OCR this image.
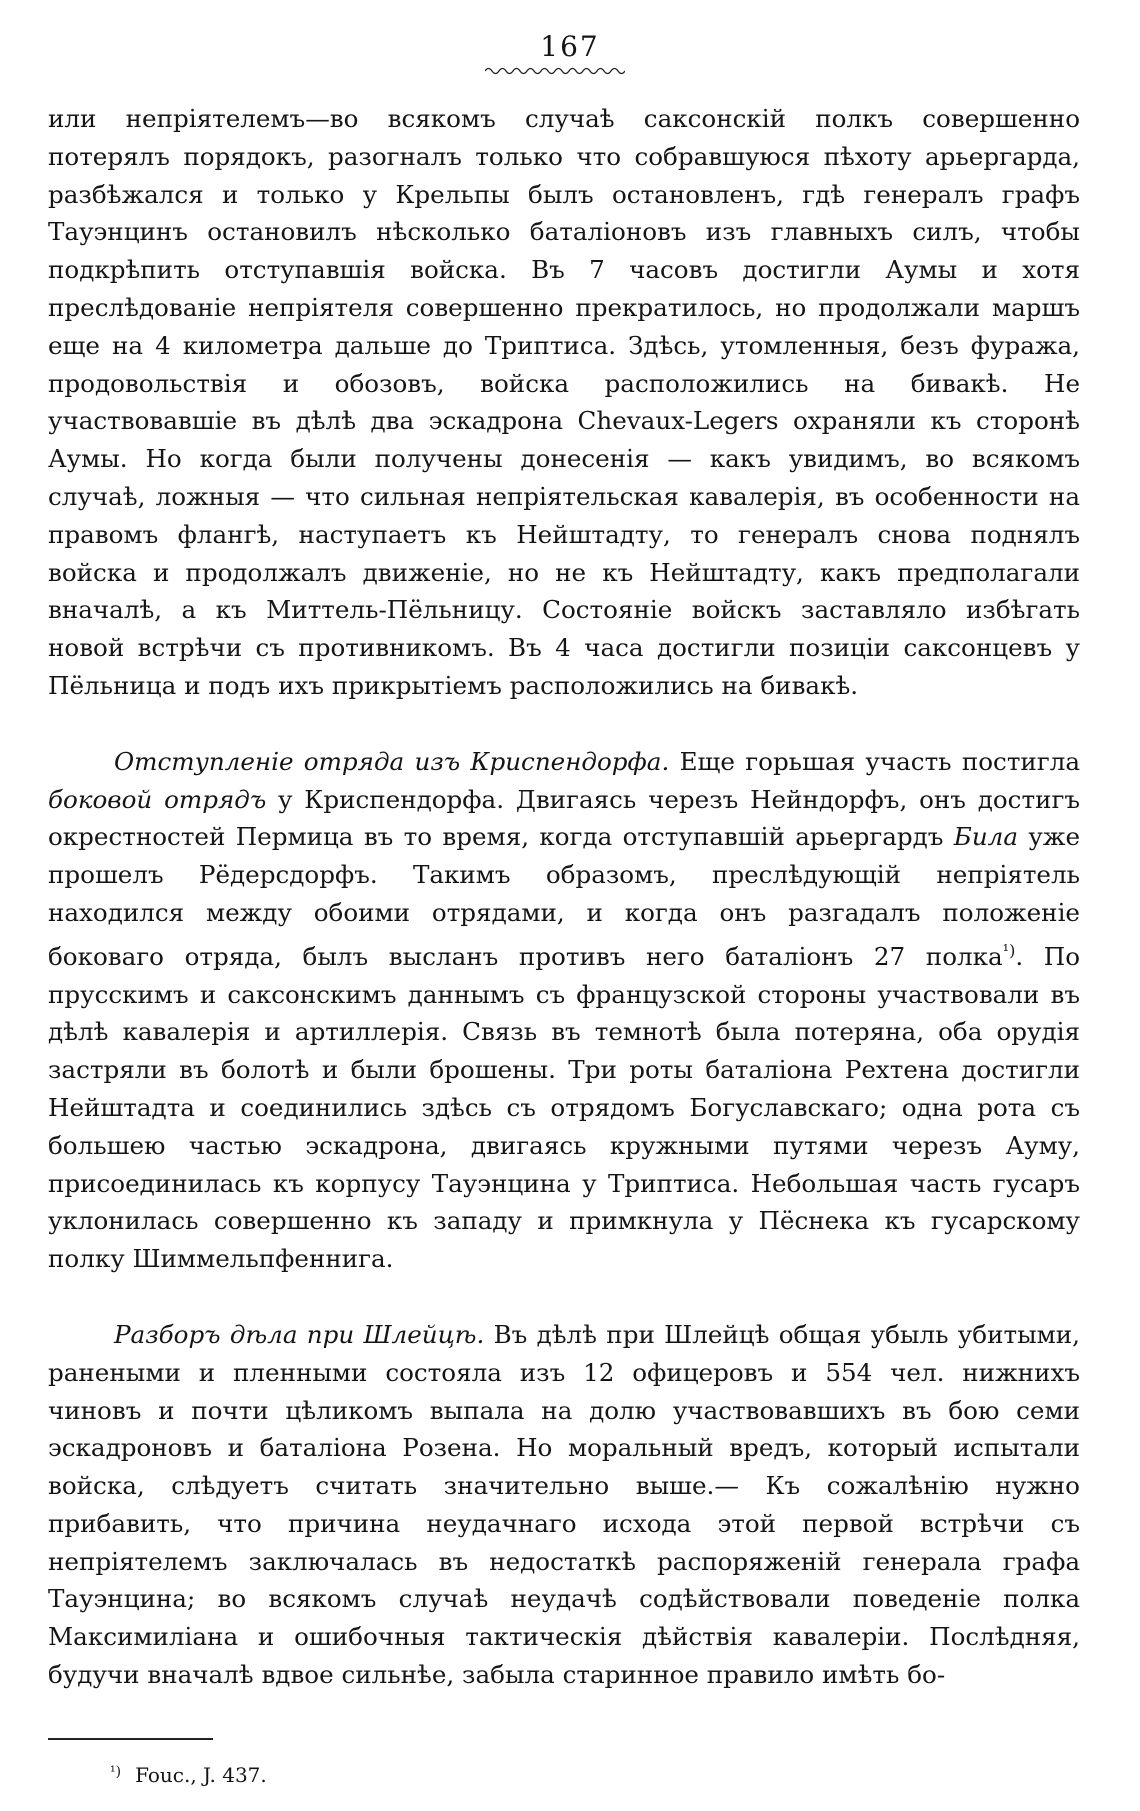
167

или непріятелемъ—во всякомъ случаѣ саксонскій полкъ совершенно потерялъ порядокъ, разогналъ только что собравшуюся пѣхоту арьергарда, разбѣжался и только у Крельпы былъ остановленъ, гдѣ генералъ графъ Тауэнцинъ остановилъ нѣсколько баталіоновъ изъ главныхъ силъ, чтобы подкрѣпить отступавшія войска. Въ 7 часовъ достигли Аумы и хотя преслѣдованіе непріятеля совершенно прекратилось, но продолжали маршъ еще на 4 километра дальше до Триптиса. Здѣсь, утомленныя, безъ фуража, продовольствія и обозовъ, войска расположились на бивакѣ. Не участвовавшіе въ дѣлѣ два эскадрона Chevaux-Legers охраняли къ сторонѣ Аумы. Но когда были получены донесенія — какъ увидимъ, во всякомъ случаѣ, ложныя — что сильная непріятельская кавалерія, въ особенности на правомъ флангѣ, наступаетъ къ Нейштадту, то генералъ снова поднялъ войска и продолжалъ движеніе, но не къ Нейштадту, какъ предполагали вначалѣ, а къ Миттель-Пёльницу. Состояніе войскъ заставляло избѣгать новой встрѣчи съ противникомъ. Въ 4 часа достигли позиціи саксонцевъ у Пёльница и подъ ихъ прикрытіемъ расположились на бивакѣ.

Отступленіе отряда изъ Криспендорфа. Еще горьшая участь постигла боковой отрядъ у Криспендорфа. Двигаясь черезъ Нейндорфъ, онъ достигъ окрестностей Пермица въ то время, когда отступавшій арьергардъ Била уже прошелъ Рёдерсдорфъ. Такимъ образомъ, преслѣдующій непріятель находился между обоими отрядами, и когда онъ разгадалъ положеніе боковаго отряда, былъ высланъ противъ него баталіонъ 27 полка$^{^1)}$. По прусскимъ и саксонскимъ даннымъ съ французской стороны участвовали въ дѣлѣ кавалерія и артиллерія. Связь въ темнотѣ была потеряна, оба орудія застряли въ болотѣ и были брошены. Три роты баталіона Рехтена достигли Нейштадта и соединились здѣсь съ отрядомъ Богуславскаго; одна рота съ большею частью эскадрона, двигаясь кружными путями черезъ Ауму, присоединилась къ корпусу Тауэнцина у Триптиса. Небольшая часть гусаръ уклонилась совершенно къ западу и примкнула у Пёснека къ гусарскому полку Шиммельпфеннига.

Разборъ дѣла при Шлейцѣ. Въ дѣлѣ при Шлейцѣ общая убыль убитыми, ранеными и пленными состояла изъ 12 офицеровъ и 554 чел. нижнихъ чиновъ и почти цѣликомъ выпала на долю участвовавшихъ въ бою семи эскадроновъ и баталіона Розена. Но моральный вредъ, который испытали войска, слѣдуетъ считать значительно выше.— Къ сожалѣнію нужно прибавить, что причина неудачнаго исхода этой первой встрѣчи съ непріятелемъ заключалась въ недостаткѣ распоряженій генерала графа Тауэнцина; во всякомъ случаѣ неудачѣ содѣйствовали поведеніе полка Максимиліана и ошибочныя тактическія дѣйствія кавалеріи. Послѣдняя, будучи вначалѣ вдвое сильнѣе, забыла старинное правило имѣть бо-

$^{^1)}$ Fouc., J. 437.
